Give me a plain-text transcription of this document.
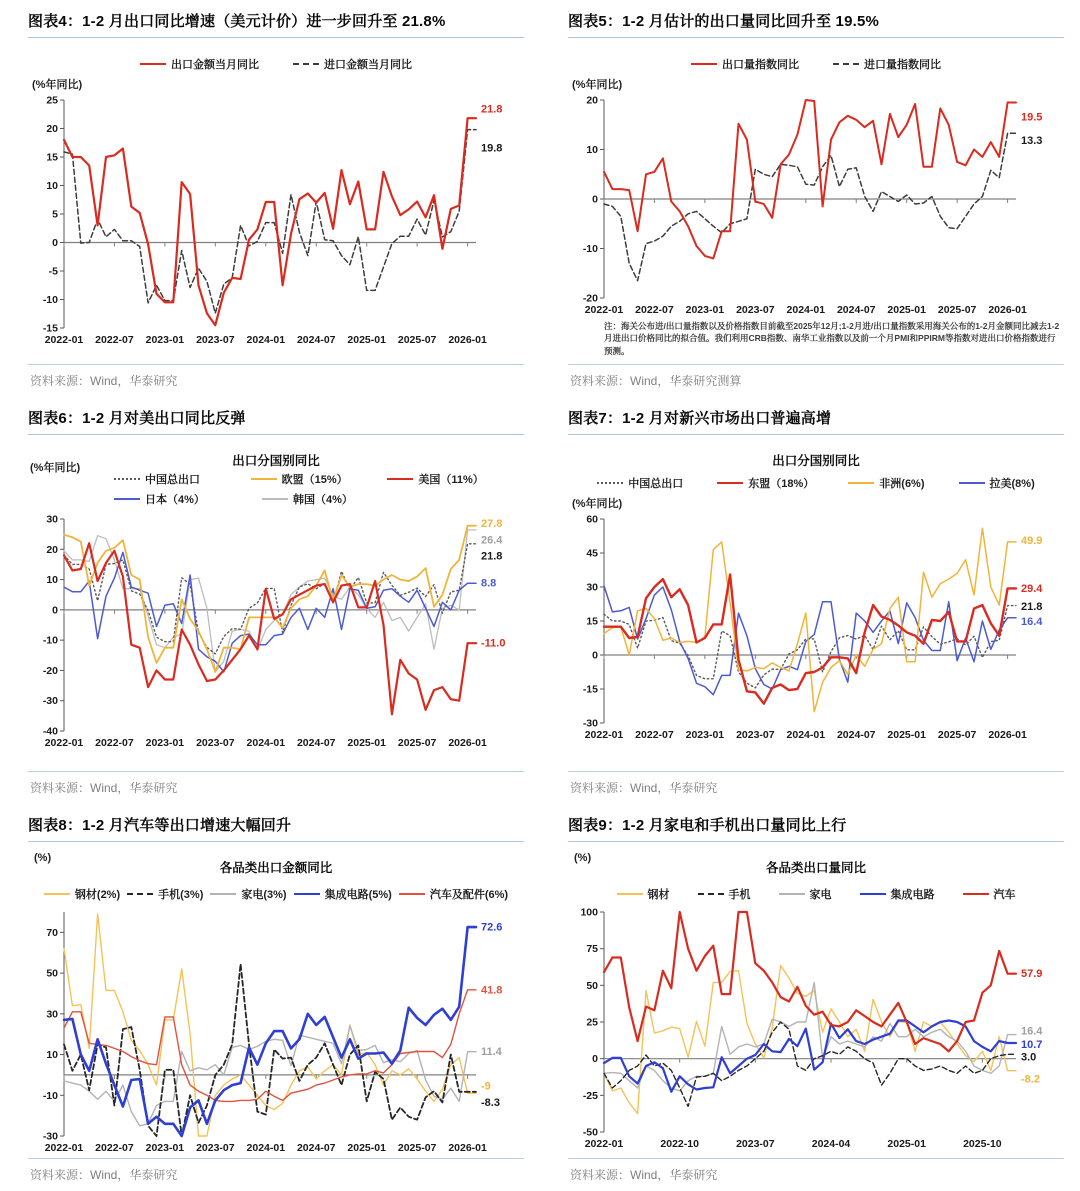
图表4：1-2 月出口同比增速（美元计价）进一步回升至 21.8%
出口金额当月同比	进口金额当月同比
(%年同比)
25
20
15
10
5
0
-5
-10
-15
2022-01 2022-07 2023-01 2023-07 2024-01 2024-07 2025-01 2025-07 2026-01
21.8
19.8
资料来源：Wind，华泰研究
图表5：1-2 月估计的出口量同比回升至 19.5%
出口量指数同比	进口量指数同比
(%年同比)
20
10
0
-10
-20
2022-01 2022-07 2023-01 2023-07 2024-01 2024-07 2025-01 2025-07 2026-01
19.5
13.3
注：海关公布进/出口量指数以及价格指数目前截至2025年12月;1-2月进/出口量指数采用海关公布的1-2月金额同比减去1-2月进出口价格同比的拟合值。我们利用CRB指数、南华工业指数以及前一个月PMI和PPIRM等指数对进出口价格指数进行预测。
资料来源：Wind，华泰研究测算
图表6：1-2 月对美出口同比反弹
出口分国别同比
(%年同比)
中国总出口	欧盟（15%）	美国（11%）
日本（4%）	韩国（4%）
30
20
10
0
-10
-20
-30
-40
2022-01 2022-07 2023-01 2023-07 2024-01 2024-07 2025-01 2025-07 2026-01
27.8
26.4
21.8
8.8
-11.0
资料来源：Wind，华泰研究
图表7：1-2 月对新兴市场出口普遍高增
出口分国别同比
中国总出口	东盟（18%）	非洲(6%)	拉美(8%)
(%年同比)
60
45
30
15
0
-15
-30
2022-01 2022-07 2023-01 2023-07 2024-01 2024-07 2025-01 2025-07 2026-01
49.9
29.4
21.8
16.4
资料来源：Wind，华泰研究
图表8：1-2 月汽车等出口增速大幅回升
(%)
各品类出口金额同比
钢材(2%)	手机(3%)	家电(3%)	集成电路(5%)	汽车及配件(6%)
70
50
30
10
-10
-30
2022-01 2022-07 2023-01 2023-07 2024-01 2024-07 2025-01 2025-07 2026-01
72.6
41.8
11.4
-9
-8.3
资料来源：Wind，华泰研究
图表9：1-2 月家电和手机出口量同比上行
(%)
各品类出口量同比
钢材	手机	家电	集成电路	汽车
100
75
50
25
0
-25
-50
2022-01	2022-10	2023-07	2024-04	2025-01	2025-10
57.9
16.4
10.7
3.0
-8.2
资料来源：Wind，华泰研究
